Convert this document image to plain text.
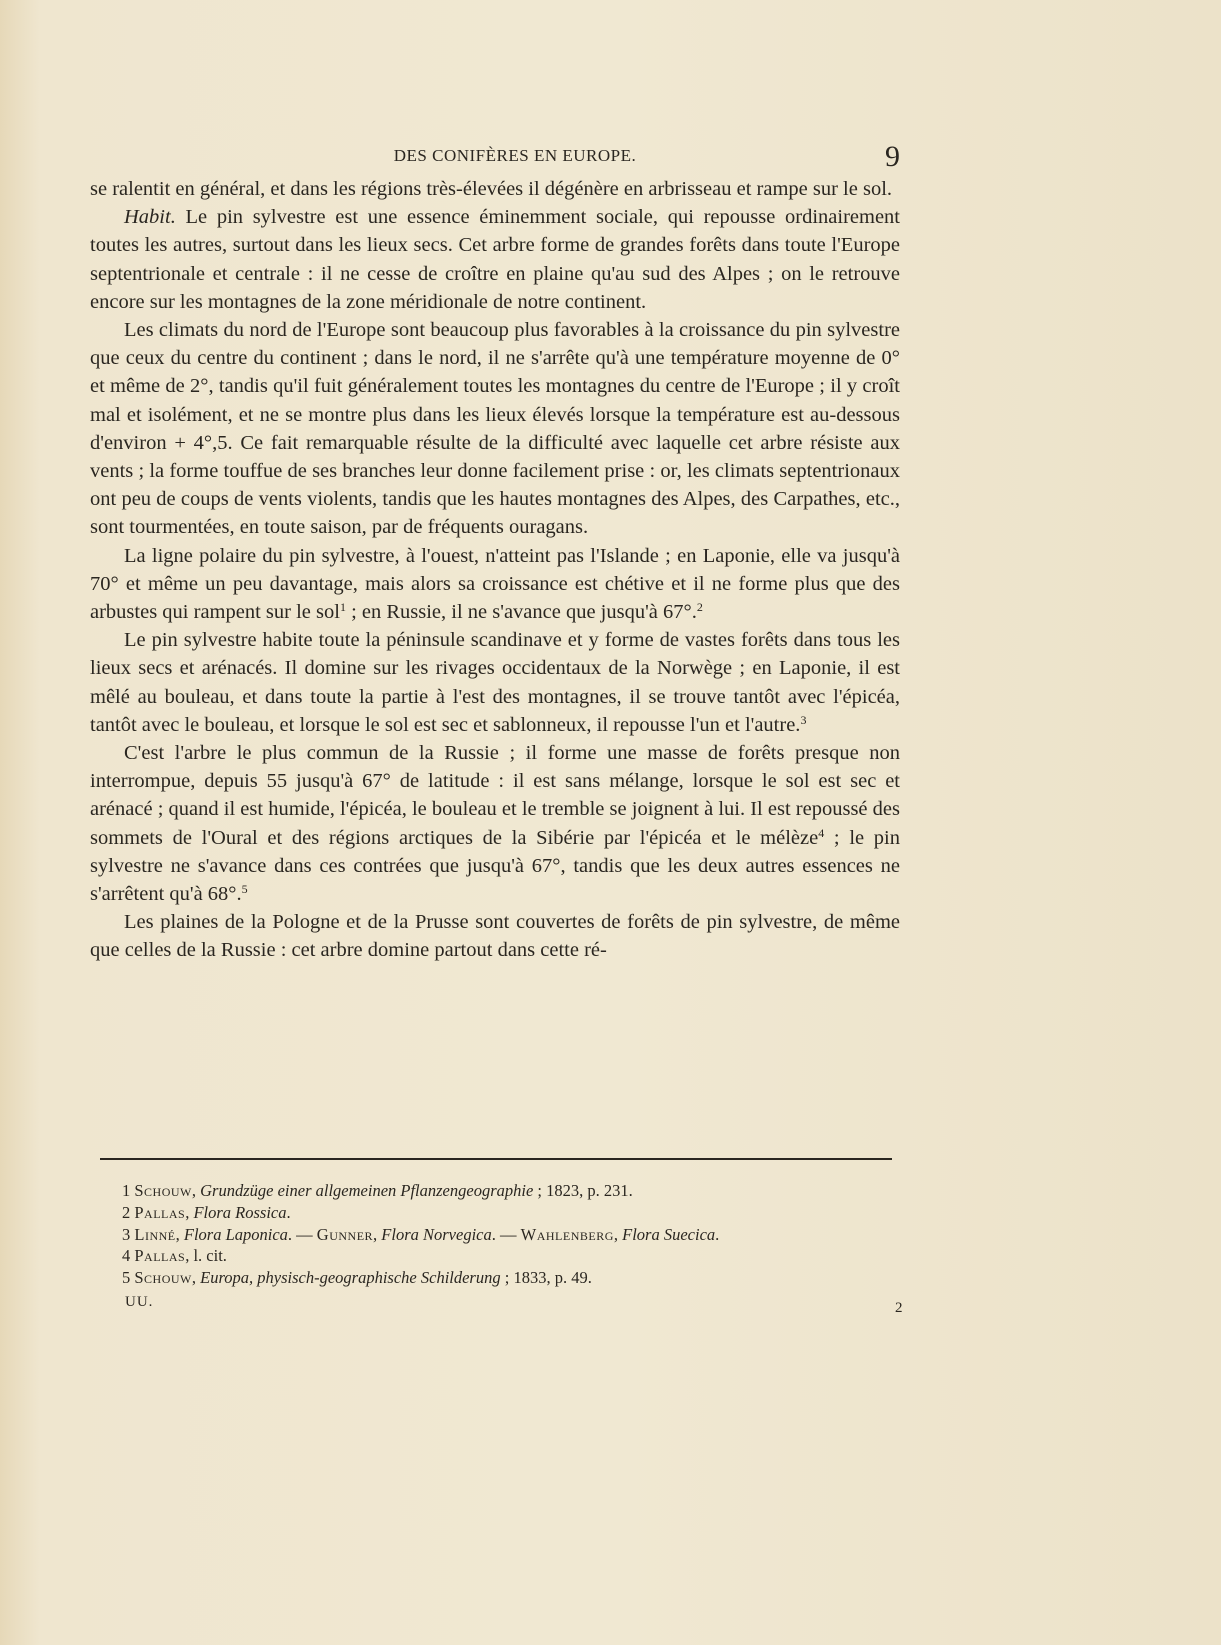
DES CONIFÈRES EN EUROPE.	9

se ralentit en général, et dans les régions très-élevées il dégénère en arbrisseau et rampe sur le sol.

Habit. Le pin sylvestre est une essence éminemment sociale, qui repousse ordinairement toutes les autres, surtout dans les lieux secs. Cet arbre forme de grandes forêts dans toute l'Europe septentrionale et centrale : il ne cesse de croître en plaine qu'au sud des Alpes ; on le retrouve encore sur les montagnes de la zone méridionale de notre continent.

Les climats du nord de l'Europe sont beaucoup plus favorables à la croissance du pin sylvestre que ceux du centre du continent ; dans le nord, il ne s'arrête qu'à une température moyenne de 0° et même de 2°, tandis qu'il fuit généralement toutes les montagnes du centre de l'Europe ; il y croît mal et isolément, et ne se montre plus dans les lieux élevés lorsque la température est au-dessous d'environ + 4°,5. Ce fait remarquable résulte de la difficulté avec laquelle cet arbre résiste aux vents ; la forme touffue de ses branches leur donne facilement prise : or, les climats septentrionaux ont peu de coups de vents violents, tandis que les hautes montagnes des Alpes, des Carpathes, etc., sont tourmentées, en toute saison, par de fréquents ouragans.

La ligne polaire du pin sylvestre, à l'ouest, n'atteint pas l'Islande ; en Laponie, elle va jusqu'à 70° et même un peu davantage, mais alors sa croissance est chétive et il ne forme plus que des arbustes qui rampent sur le sol$^1$ ; en Russie, il ne s'avance que jusqu'à 67°.$^2$

Le pin sylvestre habite toute la péninsule scandinave et y forme de vastes forêts dans tous les lieux secs et arénacés. Il domine sur les rivages occidentaux de la Norwège ; en Laponie, il est mêlé au bouleau, et dans toute la partie à l'est des montagnes, il se trouve tantôt avec l'épicéa, tantôt avec le bouleau, et lorsque le sol est sec et sablonneux, il repousse l'un et l'autre.$^3$

C'est l'arbre le plus commun de la Russie ; il forme une masse de forêts presque non interrompue, depuis 55 jusqu'à 67° de latitude : il est sans mélange, lorsque le sol est sec et arénacé ; quand il est humide, l'épicéa, le bouleau et le tremble se joignent à lui. Il est repoussé des sommets de l'Oural et des régions arctiques de la Sibérie par l'épicéa et le mélèze$^4$ ; le pin sylvestre ne s'avance dans ces contrées que jusqu'à 67°, tandis que les deux autres essences ne s'arrêtent qu'à 68°.$^5$

Les plaines de la Pologne et de la Prusse sont couvertes de forêts de pin sylvestre, de même que celles de la Russie : cet arbre domine partout dans cette ré-

1 Schouw, Grundzüge einer allgemeinen Pflanzengeographie ; 1823, p. 231.
2 Pallas, Flora Rossica.
3 Linné, Flora Laponica. — Gunner, Flora Norvegica. — Wahlenberg, Flora Suecica.
4 Pallas, l. cit.
5 Schouw, Europa, physisch-geographische Schilderung ; 1833, p. 49.
UU.	2
